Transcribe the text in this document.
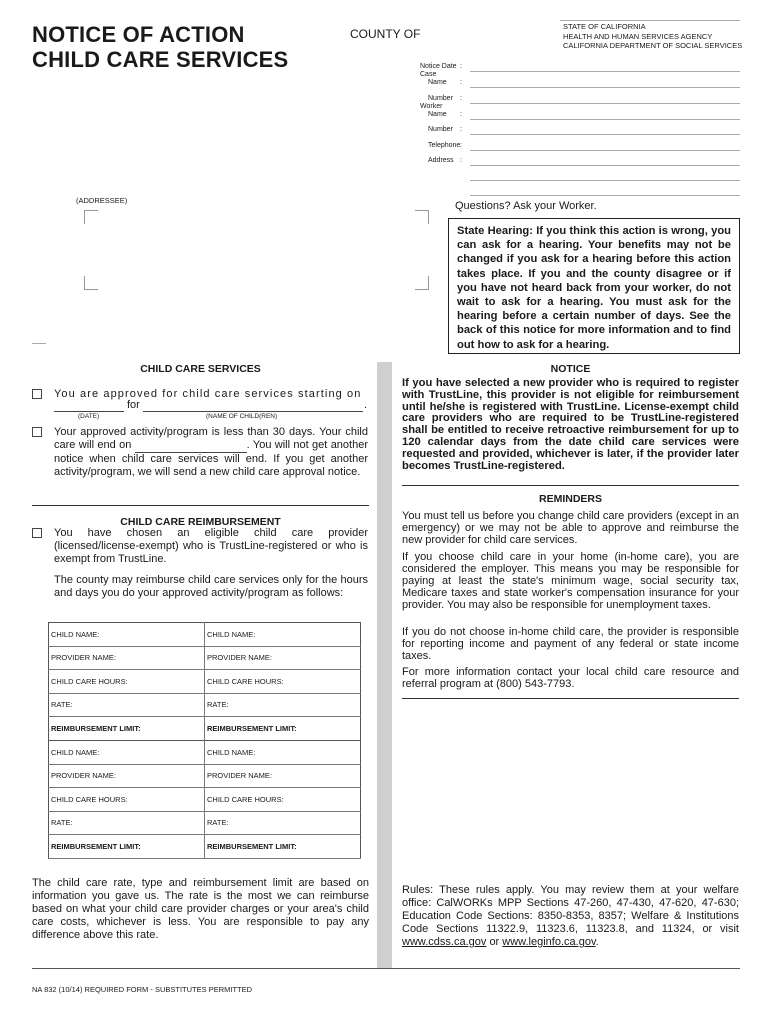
NOTICE OF ACTION
CHILD CARE SERVICES
COUNTY OF
STATE OF CALIFORNIA
HEALTH AND HUMAN SERVICES AGENCY
CALIFORNIA DEPARTMENT OF SOCIAL SERVICES
Notice Date :
Case
Name :
Number :
Worker
Name :
Number :
Telephone :
Address :
(ADDRESSEE)	Questions? Ask your Worker.
State Hearing: If you think this action is wrong, you can ask for a hearing. Your benefits may not be changed if you ask for a hearing before this action takes place. If you and the county disagree or if you have not heard back from your worker, do not wait to ask for a hearing. You must ask for the hearing before a certain number of days. See the back of this notice for more information and to find out how to ask for a hearing.
CHILD CARE SERVICES
You are approved for child care services starting on
for	.
(DATE)	(NAME OF CHILD(REN)
Your approved activity/program is less than 30 days. Your child care will end on	. You will not get another notice when child care services will end. If you get another activity/program, we will send a new child care approval notice.
CHILD CARE REIMBURSEMENT
You have chosen an eligible child care provider (licensed/license-exempt) who is TrustLine-registered or who is exempt from TrustLine.
The county may reimburse child care services only for the hours and days you do your approved activity/program as follows:
CHILD NAME:	CHILD NAME:
PROVIDER NAME:	PROVIDER NAME:
CHILD CARE HOURS:	CHILD CARE HOURS:
RATE:	RATE:
REIMBURSEMENT LIMIT:	REIMBURSEMENT LIMIT:
CHILD NAME:	CHILD NAME:
PROVIDER NAME:	PROVIDER NAME:
CHILD CARE HOURS:	CHILD CARE HOURS:
RATE:	RATE:
REIMBURSEMENT LIMIT:	REIMBURSEMENT LIMIT:
The child care rate, type and reimbursement limit are based on information you gave us. The rate is the most we can reimburse based on what your child care provider charges or your area's child care costs, whichever is less. You are responsible to pay any difference above this rate.
NOTICE
If you have selected a new provider who is required to register with TrustLine, this provider is not eligible for reimbursement until he/she is registered with TrustLine. License-exempt child care providers who are required to be TrustLine-registered shall be entitled to receive retroactive reimbursement for up to 120 calendar days from the date child care services were requested and provided, whichever is later, if the provider later becomes TrustLine-registered.
REMINDERS
You must tell us before you change child care providers (except in an emergency) or we may not be able to approve and reimburse the new provider for child care services.
If you choose child care in your home (in-home care), you are considered the employer. This means you may be responsible for paying at least the state's minimum wage, social security tax, Medicare taxes and state worker's compensation insurance for your provider. You may also be responsible for unemployment taxes.
If you do not choose in-home child care, the provider is responsible for reporting income and payment of any federal or state income taxes.
For more information contact your local child care resource and referral program at (800) 543-7793.
Rules: These rules apply. You may review them at your welfare office: CalWORKs MPP Sections 47-260, 47-430, 47-620, 47-630; Education Code Sections: 8350-8353, 8357; Welfare & Institutions Code Sections 11322.9, 11323.6, 11323.8, and 11324, or visit www.cdss.ca.gov or www.leginfo.ca.gov.
NA 832 (10/14) REQUIRED FORM - SUBSTITUTES PERMITTED
